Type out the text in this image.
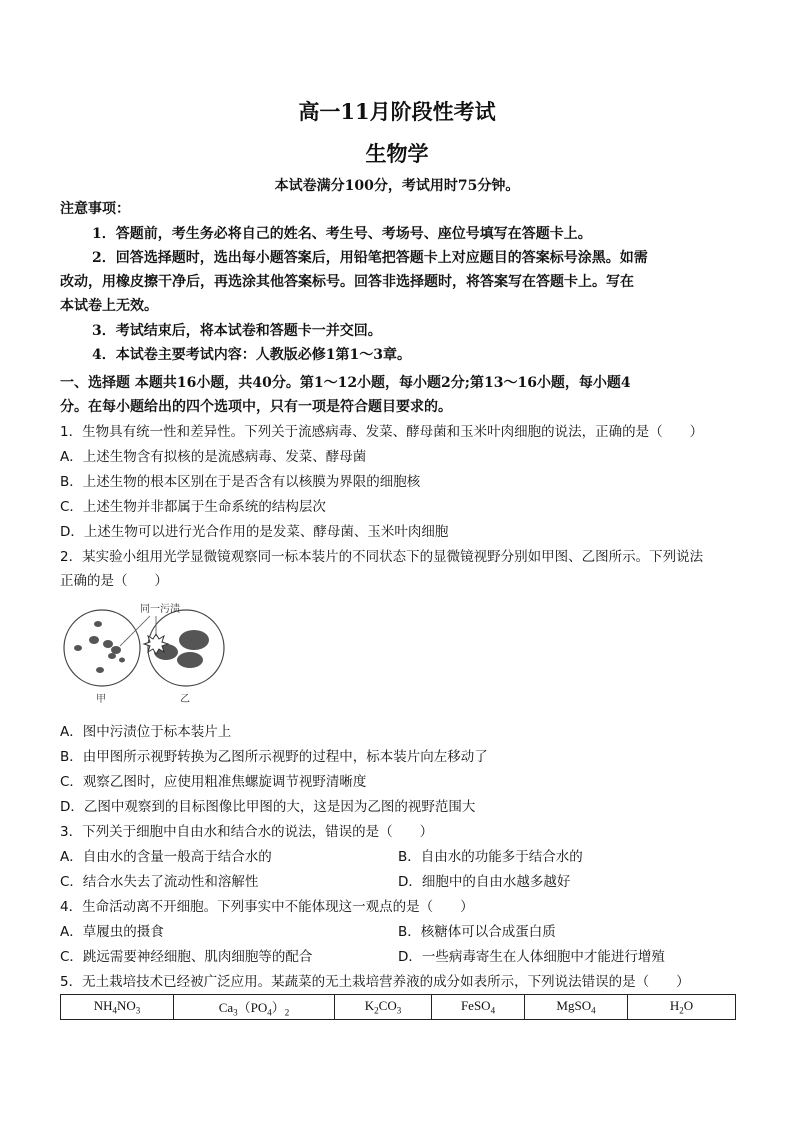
高一11月阶段性考试
生物学
本试卷满分100分，考试用时75分钟。
注意事项：
1．答题前，考生务必将自己的姓名、考生号、考场号、座位号填写在答题卡上。
2．回答选择题时，选出每小题答案后，用铅笔把答题卡上对应题目的答案标号涂黑。如需
改动，用橡皮擦干净后，再选涂其他答案标号。回答非选择题时，将答案写在答题卡上。写在
本试卷上无效。
3．考试结束后，将本试卷和答题卡一并交回。
4．本试卷主要考试内容：人教版必修1第1～3章。
一、选择题 本题共16小题，共40分。第1～12小题，每小题2分;第13～16小题，每小题4
分。在每小题给出的四个选项中，只有一项是符合题目要求的。
1．生物具有统一性和差异性。下列关于流感病毒、发菜、酵母菌和玉米叶肉细胞的说法，正确的是（　　）
A．上述生物含有拟核的是流感病毒、发菜、酵母菌
B．上述生物的根本区别在于是否含有以核膜为界限的细胞核
C．上述生物并非都属于生命系统的结构层次
D．上述生物可以进行光合作用的是发菜、酵母菌、玉米叶肉细胞
2．某实验小组用光学显微镜观察同一标本装片的不同状态下的显微镜视野分别如甲图、乙图所示。下列说法
正确的是（　　）
同一污渍
甲	乙
A．图中污渍位于标本装片上
B．由甲图所示视野转换为乙图所示视野的过程中，标本装片向左移动了
C．观察乙图时，应使用粗准焦螺旋调节视野清晰度
D．乙图中观察到的目标图像比甲图的大，这是因为乙图的视野范围大
3．下列关于细胞中自由水和结合水的说法，错误的是（　　）
A．自由水的含量一般高于结合水的	B．自由水的功能多于结合水的
C．结合水失去了流动性和溶解性	D．细胞中的自由水越多越好
4．生命活动离不开细胞。下列事实中不能体现这一观点的是（　　）
A．草履虫的摄食	B．核糖体可以合成蛋白质
C．跳远需要神经细胞、肌肉细胞等的配合	D．一些病毒寄生在人体细胞中才能进行增殖
5．无土栽培技术已经被广泛应用。某蔬菜的无土栽培营养液的成分如表所示，下列说法错误的是（　　）
$NH_4NO_3$	$Ca_3(PO_4)_2$	$K_2CO_3$	FeSO$_4$	MgSO$_4$	$H_2O$
